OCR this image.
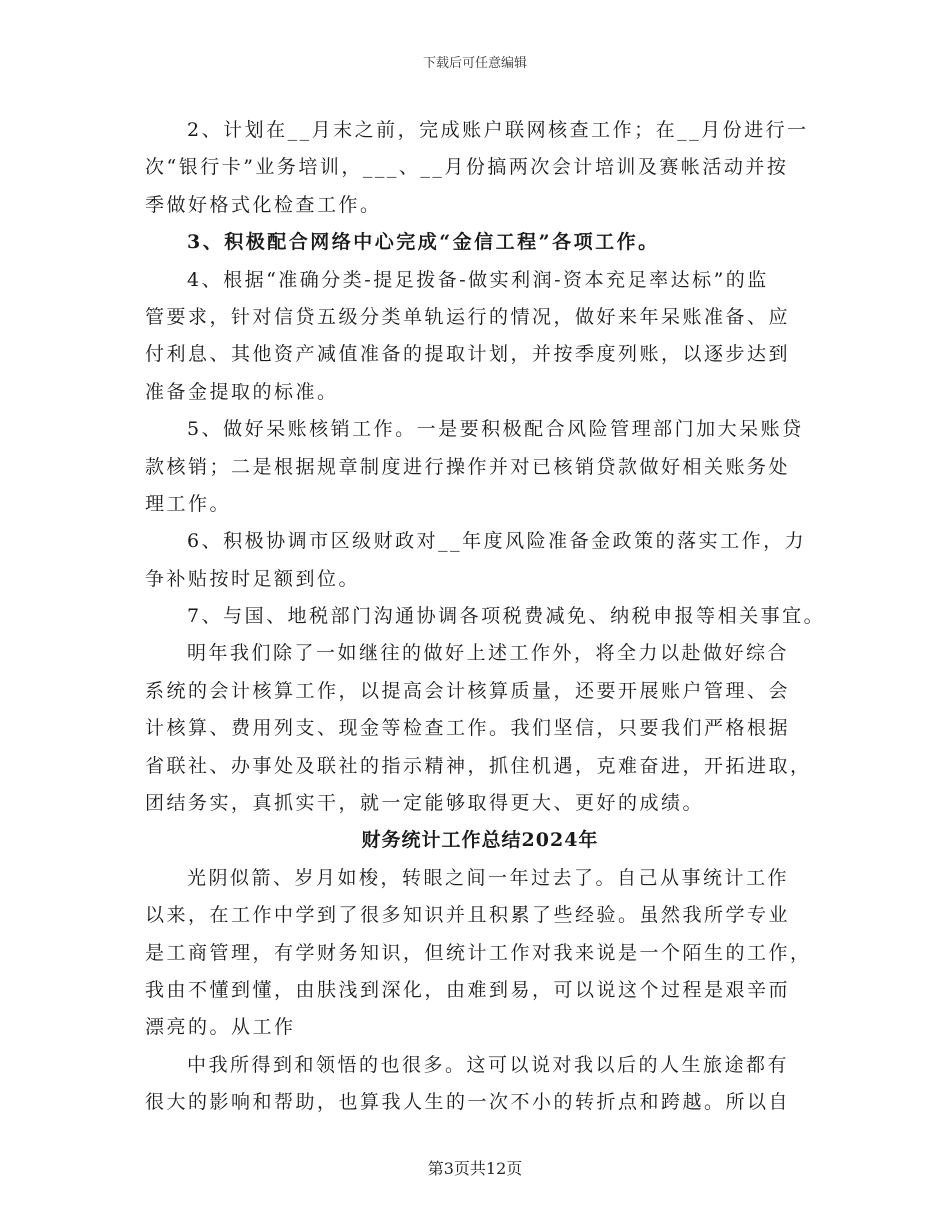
下载后可任意编辑
2、计划在__月末之前，完成账户联网核查工作；在__月份进行一
次“银行卡”业务培训，___、__月份搞两次会计培训及赛帐活动并按
季做好格式化检查工作。
3、积极配合网络中心完成“金信工程”各项工作。
4、根据“准确分类-提足拨备-做实利润-资本充足率达标”的监
管要求，针对信贷五级分类单轨运行的情况，做好来年呆账准备、应
付利息、其他资产减值准备的提取计划，并按季度列账，以逐步达到
准备金提取的标准。
5、做好呆账核销工作。一是要积极配合风险管理部门加大呆账贷
款核销；二是根据规章制度进行操作并对已核销贷款做好相关账务处
理工作。
6、积极协调市区级财政对__年度风险准备金政策的落实工作，力
争补贴按时足额到位。
7、与国、地税部门沟通协调各项税费减免、纳税申报等相关事宜。
明年我们除了一如继往的做好上述工作外，将全力以赴做好综合
系统的会计核算工作，以提高会计核算质量，还要开展账户管理、会
计核算、费用列支、现金等检查工作。我们坚信，只要我们严格根据
省联社、办事处及联社的指示精神，抓住机遇，克难奋进，开拓进取，
团结务实，真抓实干，就一定能够取得更大、更好的成绩。
财务统计工作总结2024年
光阴似箭、岁月如梭，转眼之间一年过去了。自己从事统计工作
以来，在工作中学到了很多知识并且积累了些经验。虽然我所学专业
是工商管理，有学财务知识，但统计工作对我来说是一个陌生的工作，
我由不懂到懂，由肤浅到深化，由难到易，可以说这个过程是艰辛而
漂亮的。从工作
中我所得到和领悟的也很多。这可以说对我以后的人生旅途都有
很大的影响和帮助，也算我人生的一次不小的转折点和跨越。所以自
第3页共12页
